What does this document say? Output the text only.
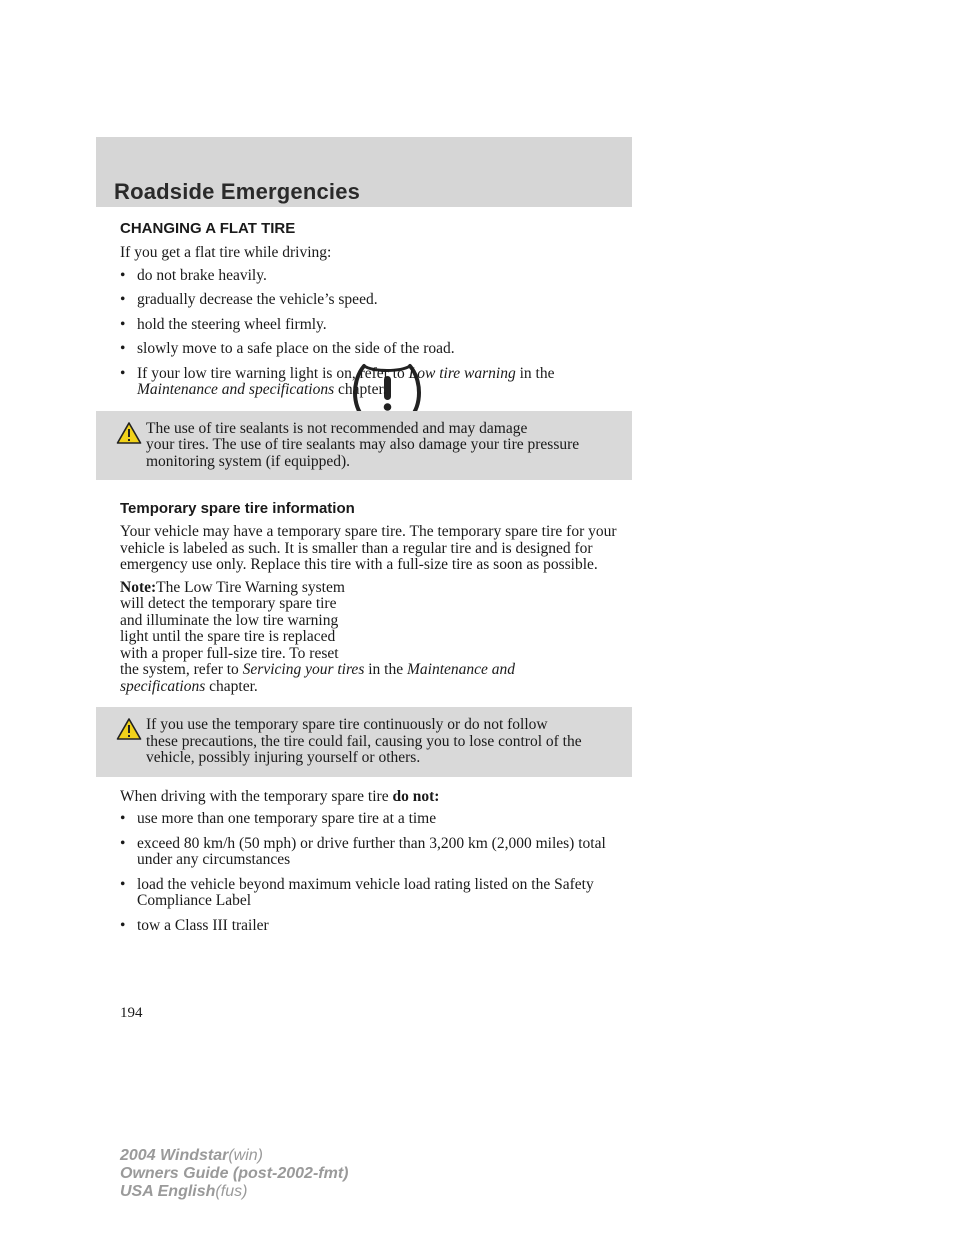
Roadside Emergencies
CHANGING A FLAT TIRE

If you get a flat tire while driving:

• do not brake heavily.
• gradually decrease the vehicle’s speed.
• hold the steering wheel firmly.
• slowly move to a safe place on the side of the road.
• If your low tire warning light is on, refer to Low tire warning in the Maintenance and specifications chapter.
The use of tire sealants is not recommended and may damage
your tires. The use of tire sealants may also damage your tire pressure monitoring system (if equipped).
Temporary spare tire information

Your vehicle may have a temporary spare tire. The temporary spare tire for your vehicle is labeled as such. It is smaller than a regular tire and is designed for emergency use only. Replace this tire with a full-size tire as soon as possible.

Note:The Low Tire Warning system
will detect the temporary spare tire
and illuminate the low tire warning
light until the spare tire is replaced
with a proper full-size tire. To reset
the system, refer to Servicing your tires in the Maintenance and
specifications chapter.
If you use the temporary spare tire continuously or do not follow
these precautions, the tire could fail, causing you to lose control of the vehicle, possibly injuring yourself or others.

When driving with the temporary spare tire do not:

• use more than one temporary spare tire at a time
• exceed 80 km/h (50 mph) or drive further than 3,200 km (2,000 miles) total under any circumstances
• load the vehicle beyond maximum vehicle load rating listed on the Safety Compliance Label
• tow a Class III trailer
194
2004 Windstar(win)
Owners Guide (post-2002-fmt)
USA English(fus)
